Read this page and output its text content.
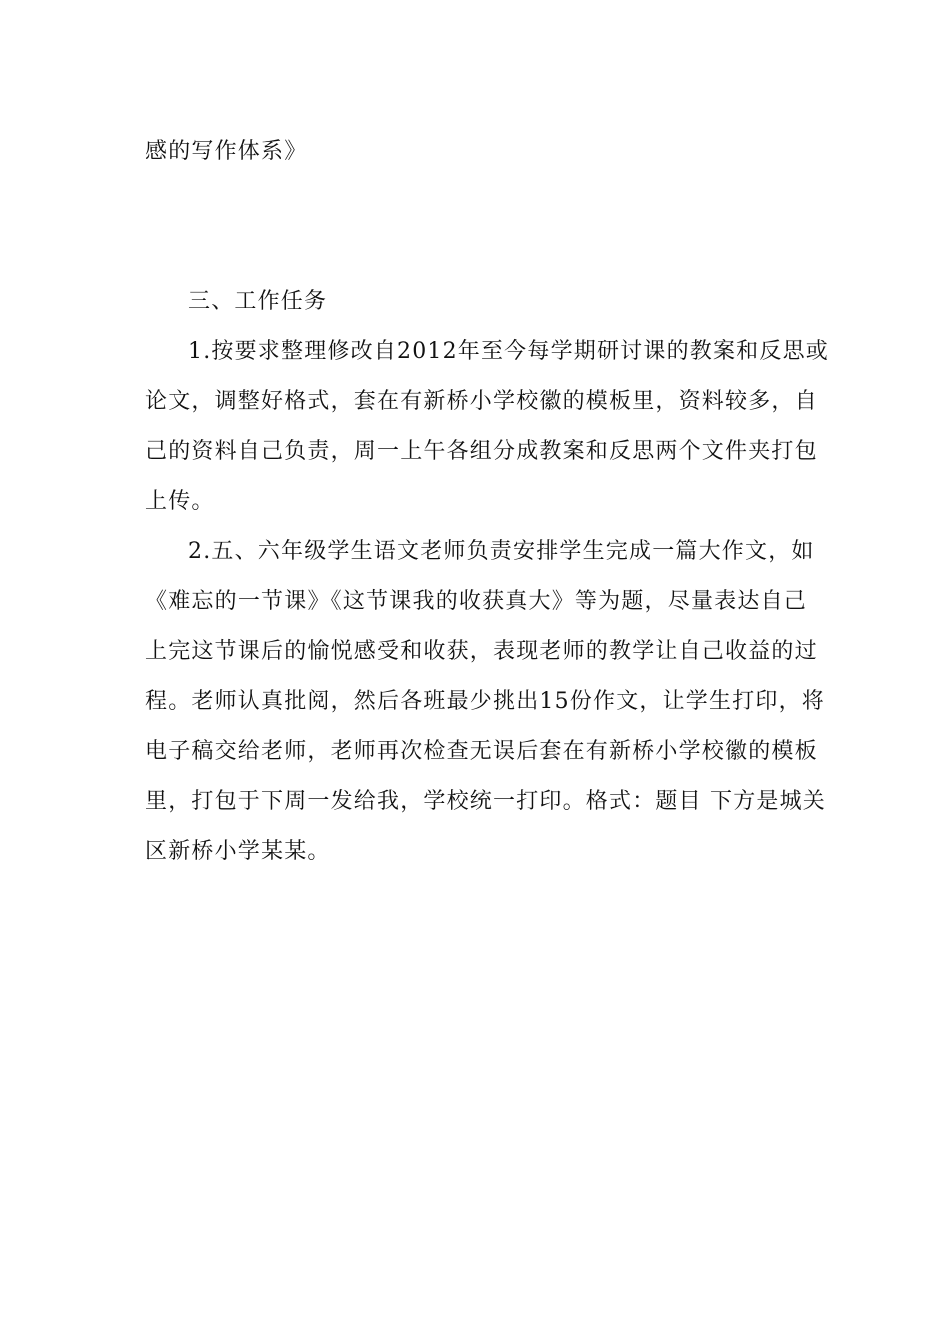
感的写作体系》

三、工作任务

1.按要求整理修改自2012年至今每学期研讨课的教案和反思或

论文，调整好格式，套在有新桥小学校徽的模板里，资料较多，自

己的资料自己负责，周一上午各组分成教案和反思两个文件夹打包

上传。

2.五、六年级学生语文老师负责安排学生完成一篇大作文，如

《难忘的一节课》《这节课我的收获真大》等为题，尽量表达自己

上完这节课后的愉悦感受和收获，表现老师的教学让自己收益的过

程。老师认真批阅，然后各班最少挑出15份作文，让学生打印，将

电子稿交给老师，老师再次检查无误后套在有新桥小学校徽的模板

里，打包于下周一发给我，学校统一打印。格式：题目 下方是城关

区新桥小学某某。
